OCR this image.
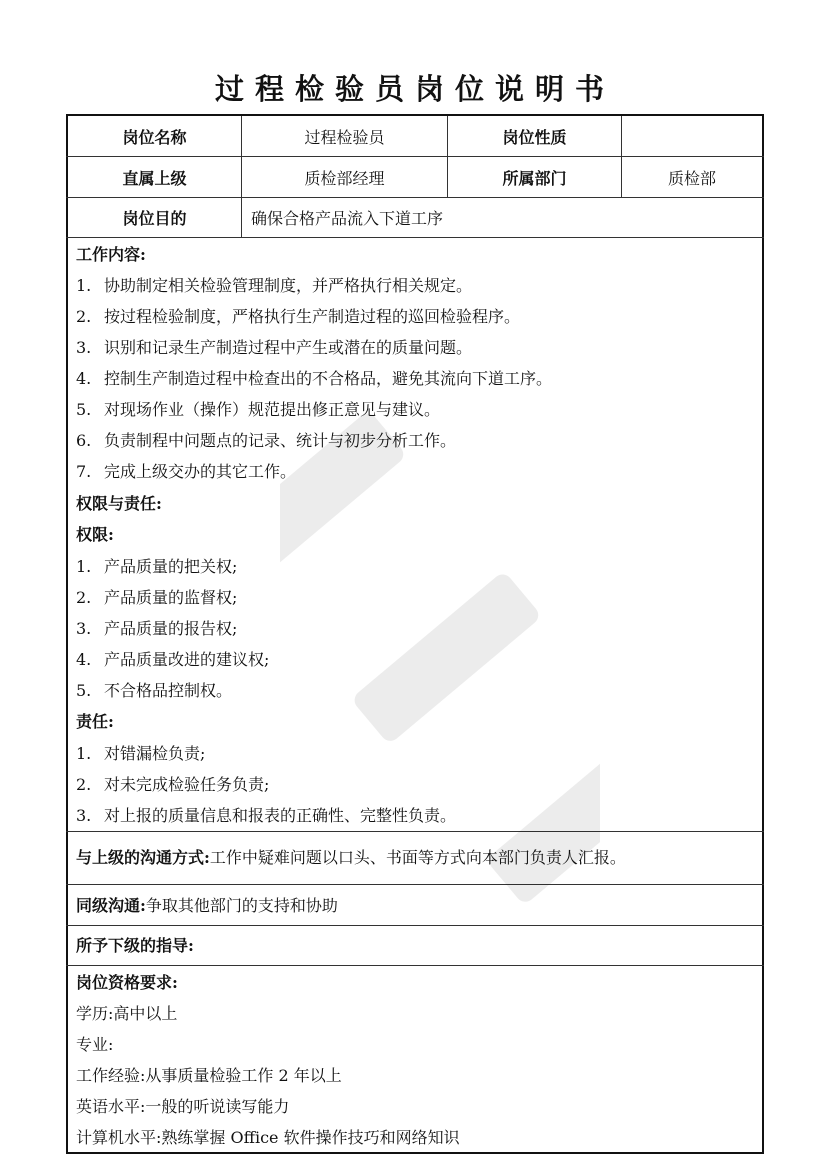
过程检验员岗位说明书
岗位名称	过程检验员	岗位性质
直属上级	质检部经理	所属部门	质检部
岗位目的	确保合格产品流入下道工序
工作内容:
1. 协助制定相关检验管理制度，并严格执行相关规定。
2. 按过程检验制度，严格执行生产制造过程的巡回检验程序。
3. 识别和记录生产制造过程中产生或潜在的质量问题。
4. 控制生产制造过程中检查出的不合格品，避免其流向下道工序。
5. 对现场作业（操作）规范提出修正意见与建议。
6. 负责制程中问题点的记录、统计与初步分析工作。
7. 完成上级交办的其它工作。
权限与责任:
权限:
1. 产品质量的把关权;
2. 产品质量的监督权;
3. 产品质量的报告权;
4. 产品质量改进的建议权;
5. 不合格品控制权。
责任:
1. 对错漏检负责;
2. 对未完成检验任务负责;
3. 对上报的质量信息和报表的正确性、完整性负责。
与上级的沟通方式:工作中疑难问题以口头、书面等方式向本部门负责人汇报。
同级沟通:争取其他部门的支持和协助
所予下级的指导:
岗位资格要求:
学历:高中以上
专业:
工作经验:从事质量检验工作 2 年以上
英语水平:一般的听说读写能力
计算机水平:熟练掌握 Office 软件操作技巧和网络知识
